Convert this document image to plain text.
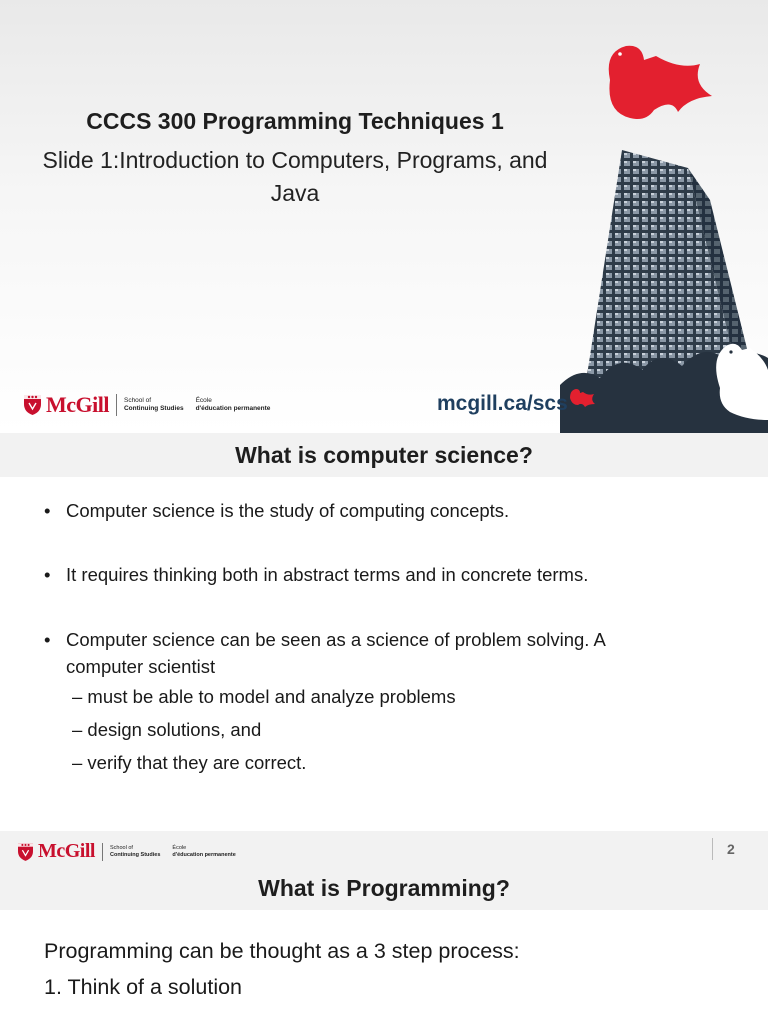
CCCS 300 Programming Techniques 1
Slide 1:Introduction to Computers, Programs, and
Java
McGill School of
Continuing Studies
École
d'éducation permanente	mcgill.ca/scs
What is computer science?
• Computer science is the study of computing concepts.
• It requires thinking both in abstract terms and in concrete terms.
• Computer science can be seen as a science of problem solving. A computer scientist
– must be able to model and analyze problems
– design solutions, and
– verify that they are correct.
McGill	School of
Continuing Studies
École
d'éducation permanente	2
What is Programming?
Programming can be thought as a 3 step process:
1. Think of a solution
